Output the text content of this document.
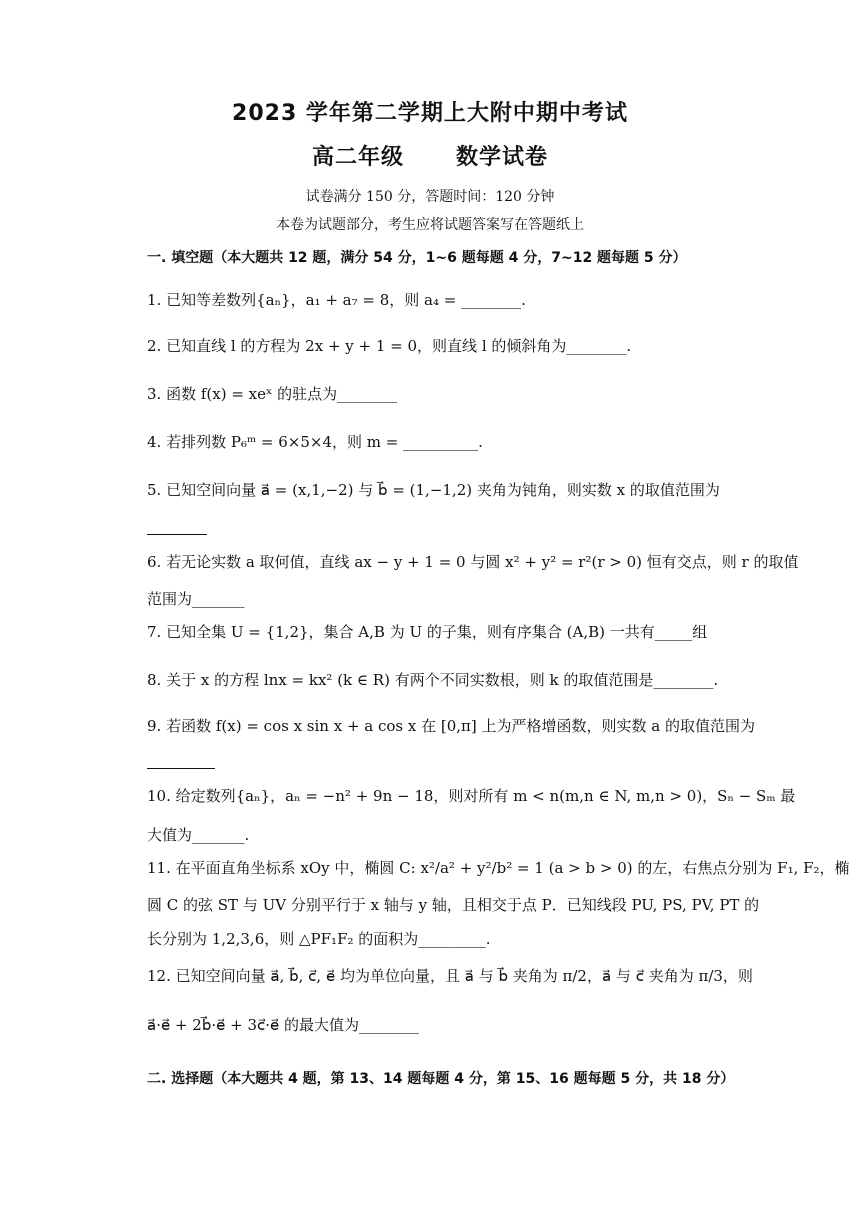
2023 学年第二学期上大附中期中考试
高二年级      数学试卷
试卷满分 150 分，答题时间：120 分钟
本卷为试题部分，考生应将试题答案写在答题纸上
一. 填空题（本大题共 12 题，满分 54 分，1~6 题每题 4 分，7~12 题每题 5 分）
1. 已知等差数列{aₙ}，a₁ + a₇ = 8，则 a₄ = ________.
2. 已知直线 l 的方程为 2x + y + 1 = 0，则直线 l 的倾斜角为________.
3. 函数 f(x) = xeˣ 的驻点为________
4. 若排列数 P₆ᵐ = 6×5×4，则 m = __________.
5. 已知空间向量 a⃗ = (x,1,−2) 与 b⃗ = (1,−1,2) 夹角为钝角，则实数 x 的取值范围为
6. 若无论实数 a 取何值，直线 ax − y + 1 = 0 与圆 x² + y² = r²(r > 0) 恒有交点，则 r 的取值
范围为_______
7. 已知全集 U = {1,2}，集合 A,B 为 U 的子集，则有序集合 (A,B) 一共有_____组
8. 关于 x 的方程 lnx = kx² (k ∈ R) 有两个不同实数根，则 k 的取值范围是________.
9. 若函数 f(x) = cos x sin x + a cos x 在 [0,π] 上为严格增函数，则实数 a 的取值范围为
10. 给定数列{aₙ}，aₙ = −n² + 9n − 18，则对所有 m < n(m,n ∈ N, m,n > 0)，Sₙ − Sₘ 最
大值为_______.
11. 在平面直角坐标系 xOy 中，椭圆 C: x²/a² + y²/b² = 1 (a > b > 0) 的左，右焦点分别为 F₁, F₂，椭
圆 C 的弦 ST 与 UV 分别平行于 x 轴与 y 轴，且相交于点 P．已知线段 PU, PS, PV, PT 的
长分别为 1,2,3,6，则 △PF₁F₂ 的面积为_________.
12. 已知空间向量 a⃗, b⃗, c⃗, e⃗ 均为单位向量，且 a⃗ 与 b⃗ 夹角为 π/2，a⃗ 与 c⃗ 夹角为 π/3，则
a⃗·e⃗ + 2b⃗·e⃗ + 3c⃗·e⃗ 的最大值为________
二. 选择题（本大题共 4 题，第 13、14 题每题 4 分，第 15、16 题每题 5 分，共 18 分）
